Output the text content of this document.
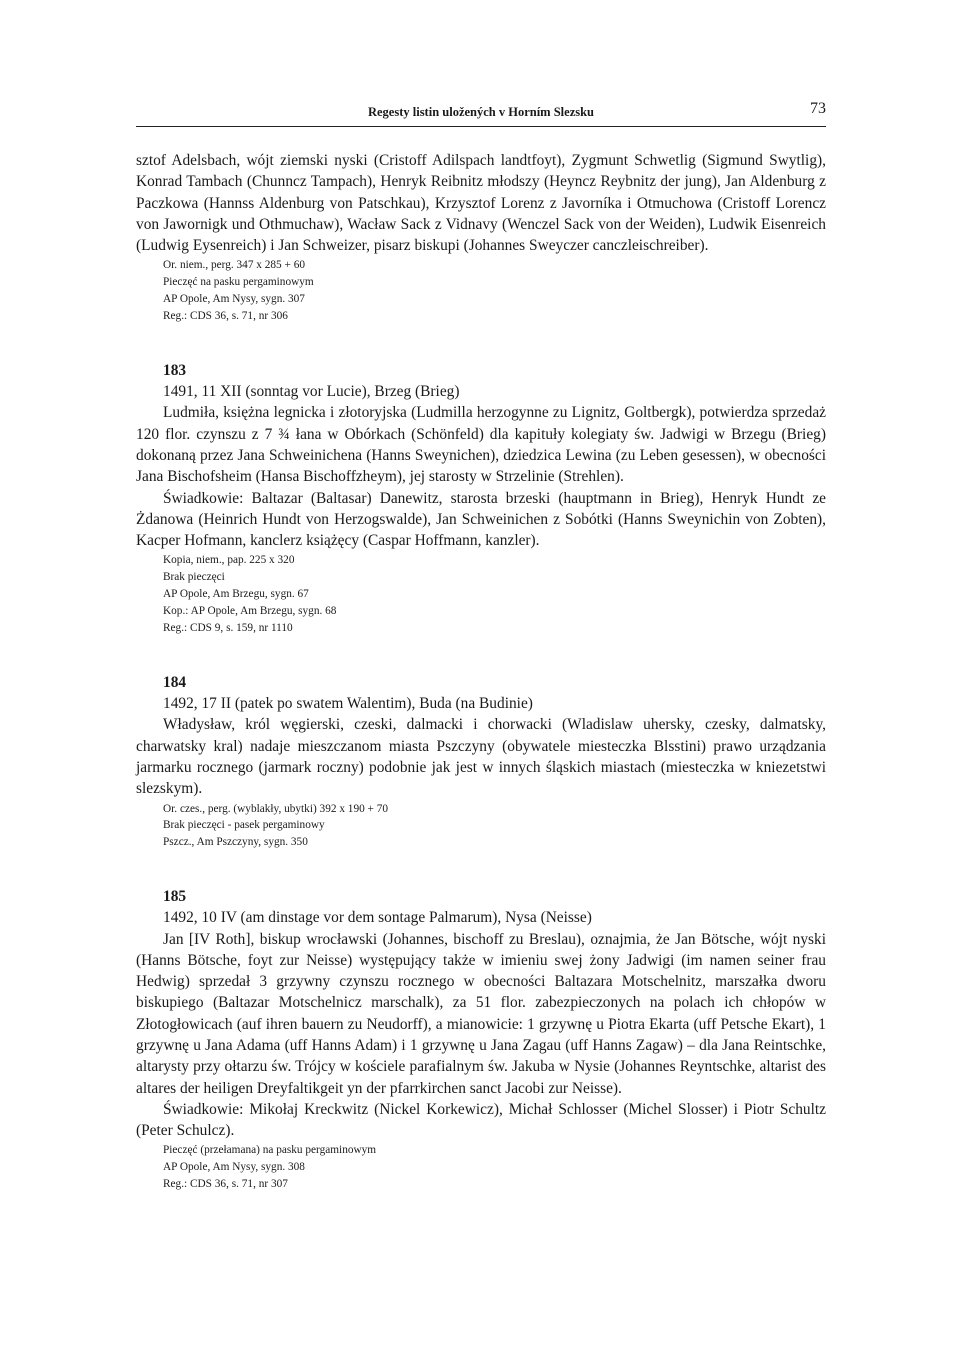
Regesty listin uložených v Horním Slezsku	73

sztof Adelsbach, wójt ziemski nyski (Cristoff Adilspach landtfoyt), Zygmunt Schwetlig (Sigmund Swytlig), Konrad Tambach (Chunncz Tampach), Henryk Reibnitz młodszy (Heyncz Reybnitz der jung), Jan Aldenburg z Paczkowa (Hannss Aldenburg von Patschkau), Krzysztof Lorenz z Javorníka i Otmuchowa (Cristoff Lorencz von Jawornigk und Othmuchaw), Wacław Sack z Vidnavy (Wenczel Sack von der Weiden), Ludwik Eisenreich (Ludwig Eysenreich) i Jan Schweizer, pisarz biskupi (Johannes Sweyczer canczleischreiber).

Or. niem., perg. 347 x 285 + 60

Pieczęć na pasku pergaminowym

AP Opole, Am Nysy, sygn. 307

Reg.: CDS 36, s. 71, nr 306

183

1491, 11 XII (sonntag vor Lucie), Brzeg (Brieg)

Ludmiła, księżna legnicka i złotoryjska (Ludmilla herzogynne zu Lignitz, Goltbergk), potwierdza sprzedaż 120 flor. czynszu z 7 ¾ łana w Obórkach (Schönfeld) dla kapituły kolegiaty św. Jadwigi w Brzegu (Brieg) dokonaną przez Jana Schweinichena (Hanns Sweynichen), dziedzica Lewina (zu Leben gesessen), w obecności Jana Bischofsheim (Hansa Bischoffzheym), jej starosty w Strzelinie (Strehlen).

Świadkowie: Baltazar (Baltasar) Danewitz, starosta brzeski (hauptmann in Brieg), Henryk Hundt ze Żdanowa (Heinrich Hundt von Herzogswalde), Jan Schweinichen z Sobótki (Hanns Sweynichin von Zobten), Kacper Hofmann, kanclerz książęcy (Caspar Hoffmann, kanzler).

Kopia, niem., pap. 225 x 320

Brak pieczęci

AP Opole, Am Brzegu, sygn. 67

Kop.: AP Opole, Am Brzegu, sygn. 68

Reg.: CDS 9, s. 159, nr 1110

184

1492, 17 II (patek po swatem Walentim), Buda (na Budinie)

Władysław, król węgierski, czeski, dalmacki i chorwacki (Wladislaw uhersky, czesky, dalmatsky, charwatsky kral) nadaje mieszczanom miasta Pszczyny (obywatele miesteczka Blsstini) prawo urządzania jarmarku rocznego (jarmark roczny) podobnie jak jest w innych śląskich miastach (miesteczka w kniezetstwi slezskym).

Or. czes., perg. (wyblakły, ubytki) 392 x 190 + 70

Brak pieczęci - pasek pergaminowy

Pszcz., Am Pszczyny, sygn. 350

185

1492, 10 IV (am dinstage vor dem sontage Palmarum), Nysa (Neisse)

Jan [IV Roth], biskup wrocławski (Johannes, bischoff zu Breslau), oznajmia, że Jan Bötsche, wójt nyski (Hanns Bötsche, foyt zur Neisse) występujący także w imieniu swej żony Jadwigi (im namen seiner frau Hedwig) sprzedał 3 grzywny czynszu rocznego w obecności Baltazara Motschelnitz, marszałka dworu biskupiego (Baltazar Motschelnicz marschalk), za 51 flor. zabezpieczonych na polach ich chłopów w Złotogłowicach (auf ihren bauern zu Neudorff), a mianowicie: 1 grzywnę u Piotra Ekarta (uff Petsche Ekart), 1 grzywnę u Jana Adama (uff Hanns Adam) i 1 grzywnę u Jana Zagau (uff Hanns Zagaw) – dla Jana Reintschke, altarysty przy ołtarzu św. Trójcy w kościele parafialnym św. Jakuba w Nysie (Johannes Reyntschke, altarist des altares der heiligen Dreyfaltikgeit yn der pfarrkirchen sanct Jacobi zur Neisse).

Świadkowie: Mikołaj Kreckwitz (Nickel Korkewicz), Michał Schlosser (Michel Slosser) i Piotr Schultz (Peter Schulcz).

Pieczęć (przełamana) na pasku pergaminowym

AP Opole, Am Nysy, sygn. 308

Reg.: CDS 36, s. 71, nr 307
